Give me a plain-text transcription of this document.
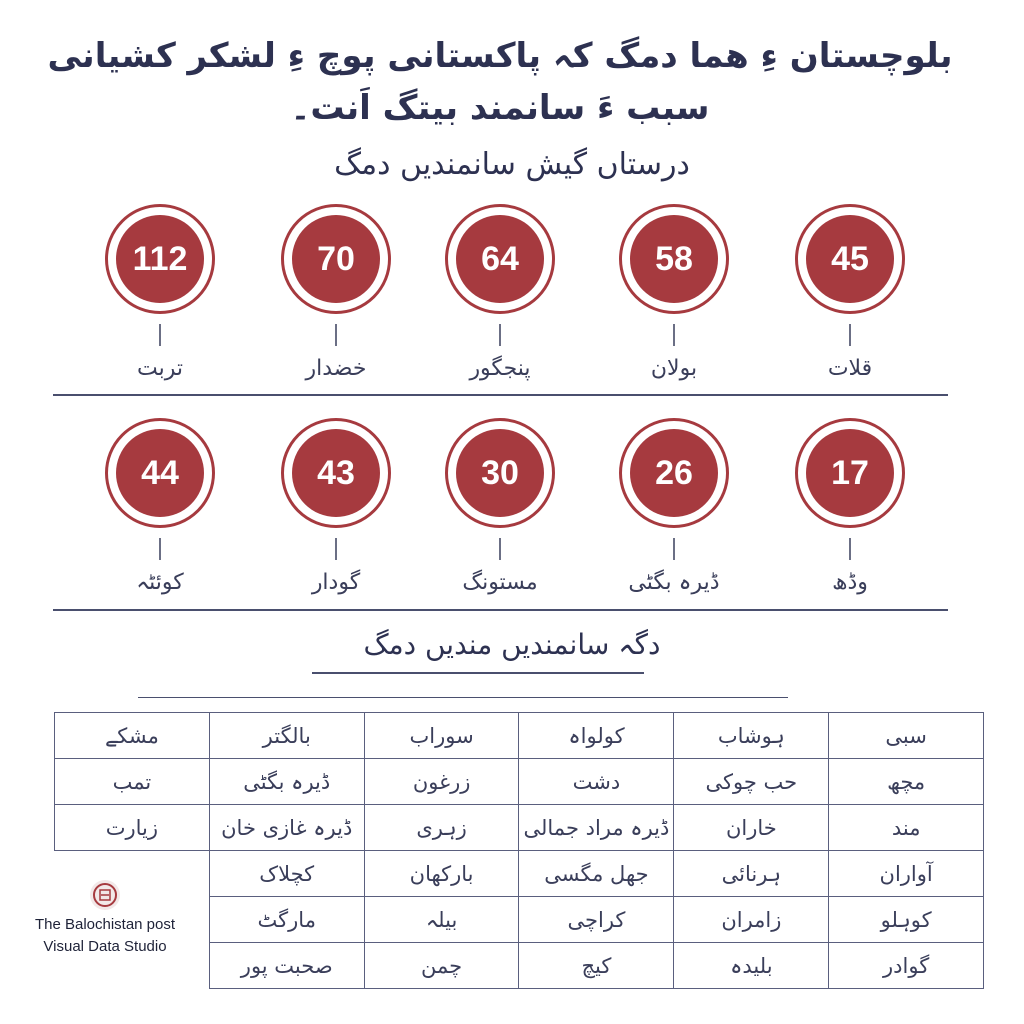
بلوچستان ءِ هما دمگ کہ پاکستانی پوچ ءِ لشکر کشیانی
سبب ءَ سانمند بیتگ اَنت۔
درستاں گیش سانمندیں دمگ
112
تربت
70
خضدار
64
پنجگور
58
بولان
45
قلات
44
کوئٹہ
43
گودار
30
مستونگ
26
ڈیرہ بگٹی
17
وڈھ
دگہ سانمندیں مندیں دمگ
سبی	ہوشاب	کولواہ	سوراب	بالگتر	مشکے
مچھ	حب چوکی	دشت	زرغون	ڈیرہ بگٹی	تمب
مند	خاران	ڈیرہ مراد جمالی	زہری	ڈیرہ غازی خان	زیارت
آواران	ہرنائی	جھل مگسی	بارکھان	کچلاک	
کوہلو	زامران	کراچی	بیلہ	مارگٹ	
گوادر	بلیدہ	کیچ	چمن	صحبت پور	
The Balochistan post
Visual Data Studio
